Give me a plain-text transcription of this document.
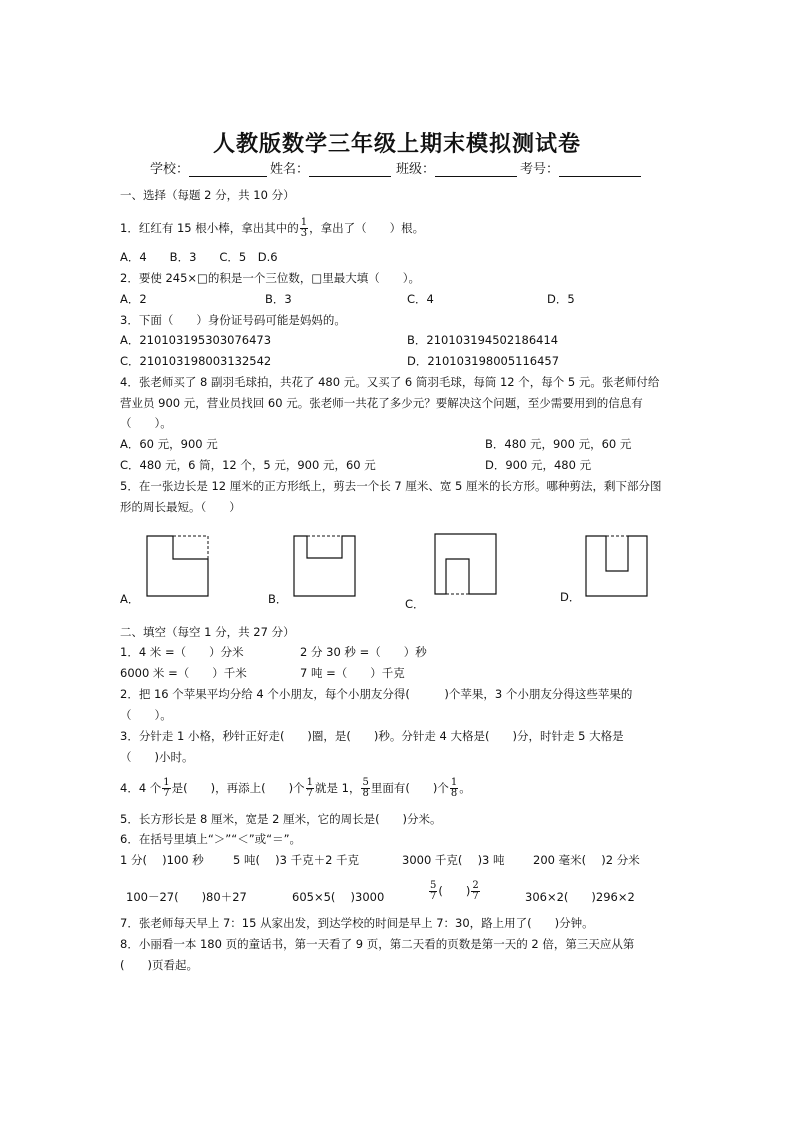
人教版数学三年级上期末模拟测试卷
学校：	姓名：	班级：	考号：
一、选择（每题 2 分，共 10 分）
1．红红有 15 根小棒，拿出其中的 $\frac{1}{3}$ ，拿出了（　　）根。
A．4　　B．3　　C．5　D.6
2．要使 245×□的积是一个三位数，□里最大填（　　）。
A．2	B．3	C．4	D．5
3．下面（　　）身份证号码可能是妈妈的。
A．210103195303076473	B．210103194502186414
C．210103198003132542	D．210103198005116457
4．张老师买了 8 副羽毛球拍，共花了 480 元。又买了 6 筒羽毛球，每筒 12 个，每个 5 元。张老师付给
营业员 900 元，营业员找回 60 元。张老师一共花了多少元？要解决这个问题，至少需要用到的信息有
（　　）。
A．60 元，900 元	B．480 元，900 元，60 元
C．480 元，6 筒，12 个，5 元，900 元，60 元	D．900 元，480 元
5．在一张边长是 12 厘米的正方形纸上，剪去一个长 7 厘米、宽 5 厘米的长方形。哪种剪法，剩下部分图
形的周长最短。（　　）
A．	B．	C．	D．
二、填空（每空 1 分，共 27 分）
1．4 米 =（　　）分米	2 分 30 秒 =（　　）秒
6000 米 =（　　）千米	7 吨 =（　　）千克
2．把 16 个苹果平均分给 4 个小朋友，每个小朋友分得(　　　)个苹果，3 个小朋友分得这些苹果的
（　　）。
3．分针走 1 小格，秒针正好走(　　)圈，是(　　)秒。分针走 4 大格是(　　)分，时针走 5 大格是
（　　)小时。
4．4 个 $\frac{1}{7}$ 是(　　)，再添上(　　)个 $\frac{1}{7}$ 就是 1， $\frac{5}{8}$ 里面有(　　)个 $\frac{1}{8}$ 。
5．长方形长是 8 厘米，宽是 2 厘米，它的周长是(　　)分米。
6．在括号里填上“＞”“＜”或“＝”。
1 分(　 )100 秒	5 吨(　 )3 千克＋2 千克	3000 千克(　 )3 吨 200 毫米(　 )2 分米
100－27(　　)80＋27	605×5(　 )3000	$\frac{5}{7}$ (　　) $\frac{2}{7}$	306×2(　　)296×2
7．张老师每天早上 7：15 从家出发，到达学校的时间是早上 7：30，路上用了(　　)分钟。
8．小丽看一本 180 页的童话书，第一天看了 9 页，第二天看的页数是第一天的 2 倍，第三天应从第
(　　)页看起。
